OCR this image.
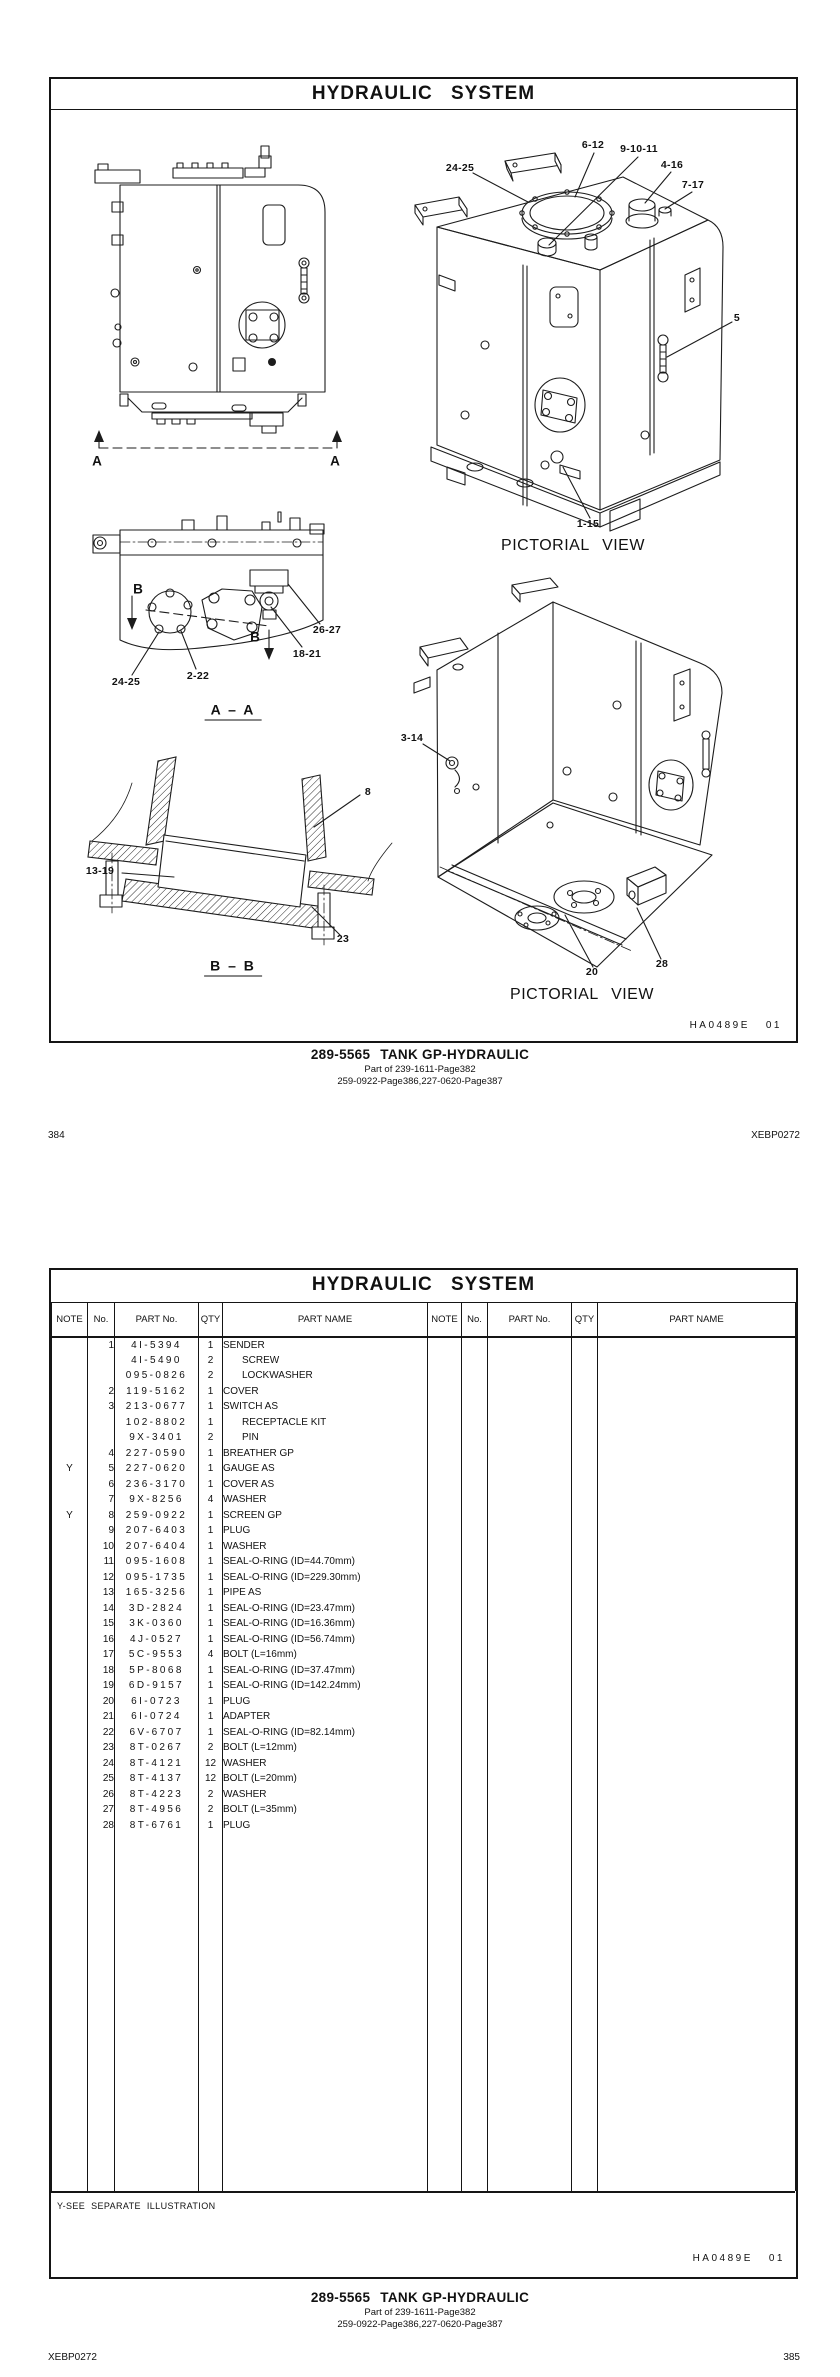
HYDRAULIC SYSTEM
A	A
B
B	26-27
18-21
2-22
24-25
A – A
8
13-19
23
B – B
24-25
6-12 9-10-11
4-16
7-17
5
1-15
PICTORIAL VIEW
3-14
20
28
PICTORIAL VIEW
HA0489E 01
289-5565 TANK GP-HYDRAULIC
Part of 239-1611-Page382
259-0922-Page386,227-0620-Page387
384	XEBP0272
HYDRAULIC SYSTEM
NOTE	No.	PART No.	QTY	PART NAME	NOTE	No.	PART No.	QTY	PART NAME
	1	4I-5394	1	SENDER					
		4I-5490	2	SCREW					
		095-0826	2	LOCKWASHER					
	2	119-5162	1	COVER					
	3	213-0677	1	SWITCH AS					
		102-8802	1	RECEPTACLE KIT					
		9X-3401	2	PIN					
	4	227-0590	1	BREATHER GP					
Y	5	227-0620	1	GAUGE AS					
	6	236-3170	1	COVER AS					
	7	9X-8256	4	WASHER					
Y	8	259-0922	1	SCREEN GP					
	9	207-6403	1	PLUG					
	10	207-6404	1	WASHER					
	11	095-1608	1	SEAL-O-RING (ID=44.70mm)					
	12	095-1735	1	SEAL-O-RING (ID=229.30mm)					
	13	165-3256	1	PIPE AS					
	14	3D-2824	1	SEAL-O-RING (ID=23.47mm)					
	15	3K-0360	1	SEAL-O-RING (ID=16.36mm)					
	16	4J-0527	1	SEAL-O-RING (ID=56.74mm)					
	17	5C-9553	4	BOLT (L=16mm)					
	18	5P-8068	1	SEAL-O-RING (ID=37.47mm)					
	19	6D-9157	1	SEAL-O-RING (ID=142.24mm)					
	20	6I-0723	1	PLUG					
	21	6I-0724	1	ADAPTER					
	22	6V-6707	1	SEAL-O-RING (ID=82.14mm)					
	23	8T-0267	2	BOLT (L=12mm)					
	24	8T-4121	12	WASHER					
	25	8T-4137	12	BOLT (L=20mm)					
	26	8T-4223	2	WASHER					
	27	8T-4956	2	BOLT (L=35mm)					
	28	8T-6761	1	PLUG					

Y-SEE SEPARATE ILLUSTRATION
HA0489E 01
289-5565 TANK GP-HYDRAULIC
Part of 239-1611-Page382
259-0922-Page386,227-0620-Page387
XEBP0272	385
